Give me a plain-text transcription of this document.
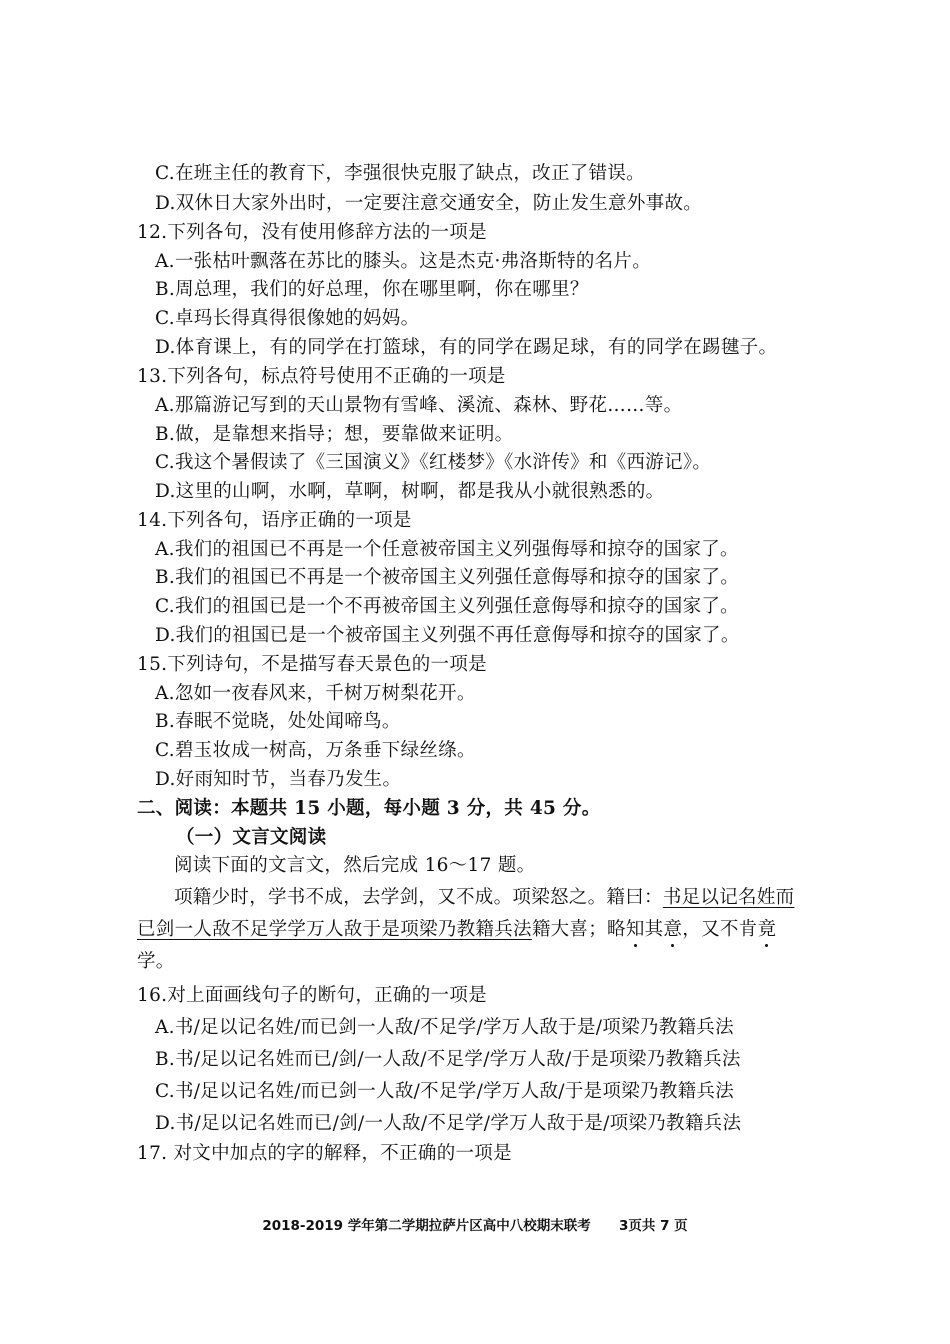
C.在班主任的教育下，李强很快克服了缺点，改正了错误。
D.双休日大家外出时，一定要注意交通安全，防止发生意外事故。
12.下列各句，没有使用修辞方法的一项是
A.一张枯叶飘落在苏比的膝头。这是杰克·弗洛斯特的名片。
B.周总理，我们的好总理，你在哪里啊，你在哪里？
C.卓玛长得真得很像她的妈妈。
D.体育课上，有的同学在打篮球，有的同学在踢足球，有的同学在踢毽子。
13.下列各句，标点符号使用不正确的一项是
A.那篇游记写到的天山景物有雪峰、溪流、森林、野花……等。
B.做，是靠想来指导；想，要靠做来证明。
C.我这个暑假读了《三国演义》《红楼梦》《水浒传》和《西游记》。
D.这里的山啊，水啊，草啊，树啊，都是我从小就很熟悉的。
14.下列各句，语序正确的一项是
A.我们的祖国已不再是一个任意被帝国主义列强侮辱和掠夺的国家了。
B.我们的祖国已不再是一个被帝国主义列强任意侮辱和掠夺的国家了。
C.我们的祖国已是一个不再被帝国主义列强任意侮辱和掠夺的国家了。
D.我们的祖国已是一个被帝国主义列强不再任意侮辱和掠夺的国家了。
15.下列诗句，不是描写春天景色的一项是
A.忽如一夜春风来，千树万树梨花开。
B.春眠不觉晓，处处闻啼鸟。
C.碧玉妆成一树高，万条垂下绿丝绦。
D.好雨知时节，当春乃发生。
二、阅读：本题共 15 小题，每小题 3 分，共 45 分。
（一）文言文阅读
阅读下面的文言文，然后完成 16～17 题。
项籍少时，学书不成，去学剑，又不成。项梁怒之。籍曰：书足以记名姓而
已剑一人敌不足学学万人敌于是项梁乃教籍兵法籍大喜；略知其意，又不肯竟
学。
16.对上面画线句子的断句，正确的一项是
A.书/足以记名姓/而已剑一人敌/不足学/学万人敌于是/项梁乃教籍兵法
B.书/足以记名姓而已/剑/一人敌/不足学/学万人敌/于是项梁乃教籍兵法
C.书/足以记名姓/而已剑一人敌/不足学/学万人敌/于是项梁乃教籍兵法
D.书/足以记名姓而已/剑/一人敌/不足学/学万人敌于是/项梁乃教籍兵法
17. 对文中加点的字的解释，不正确的一项是
2018-2019 学年第二学期拉萨片区高中八校期末联考      3页共 7 页
